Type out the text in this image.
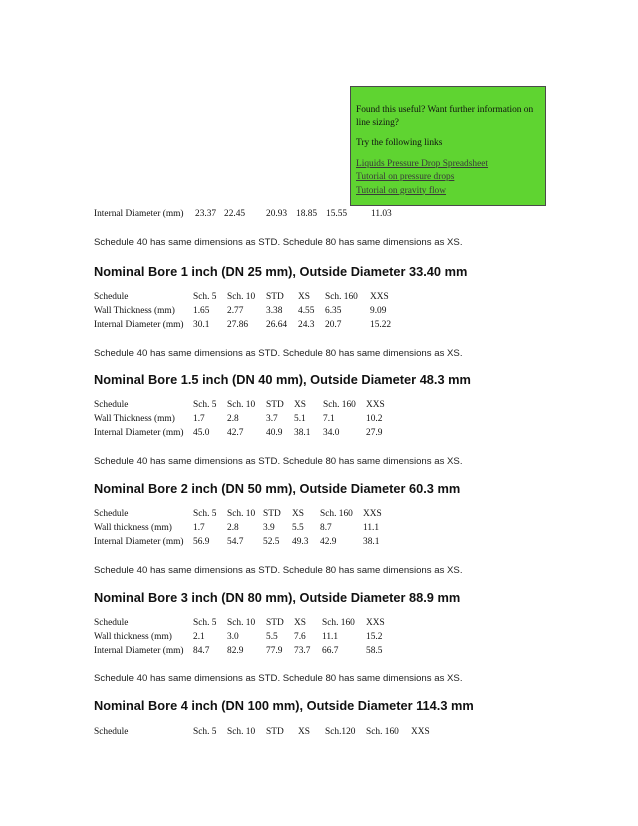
Found this useful? Want further information on line sizing?

Try the following links

Liquids Pressure Drop Spreadsheet
Tutorial on pressure drops
Tutorial on gravity flow
Internal Diameter (mm) 23.37 22.45 20.93 18.85 15.55	11.03
Schedule 40 has same dimensions as STD. Schedule 80 has same dimensions as XS.
Schedule 40 has same dimensions as STD. Schedule 80 has same dimensions as XS.
Schedule 40 has same dimensions as STD. Schedule 80 has same dimensions as XS.
Schedule 40 has same dimensions as STD. Schedule 80 has same dimensions as XS.
Schedule 40 has same dimensions as STD. Schedule 80 has same dimensions as XS.
Nominal Bore 1 inch (DN 25 mm), Outside Diameter 33.40 mm
Schedule	Sch. 5 Sch. 10 STD XS Sch. 160 XXS
Wall Thickness (mm) 1.65 2.77 3.38 4.55 6.35	9.09
Internal Diameter (mm) 30.1 27.86 26.64 24.3 20.7	15.22
Nominal Bore 1.5 inch (DN 40 mm), Outside Diameter 48.3 mm
Schedule	Sch. 5 Sch. 10 STD XS Sch. 160 XXS
Wall Thickness (mm) 1.7 2.8	3.7 5.1 7.1	10.2
Internal Diameter (mm) 45.0 42.7 40.9 38.1 34.0	27.9
Nominal Bore 2 inch (DN 50 mm), Outside Diameter 60.3 mm
Schedule	Sch. 5 Sch. 10 STD XS Sch. 160 XXS
Wall thickness (mm) 1.7 2.8	3.9 5.5 8.7	11.1
Internal Diameter (mm) 56.9 54.7 52.5 49.3 42.9	38.1
Nominal Bore 3 inch (DN 80 mm), Outside Diameter 88.9 mm
Schedule	Sch. 5 Sch. 10 STD XS Sch. 160 XXS
Wall thickness (mm) 2.1 3.0	5.5 7.6 11.1	15.2
Internal Diameter (mm) 84.7 82.9 77.9 73.7 66.7	58.5
Nominal Bore 4 inch (DN 100 mm), Outside Diameter 114.3 mm
Schedule	Sch. 5 Sch. 10 STD XS Sch.120 Sch. 160 XXS
